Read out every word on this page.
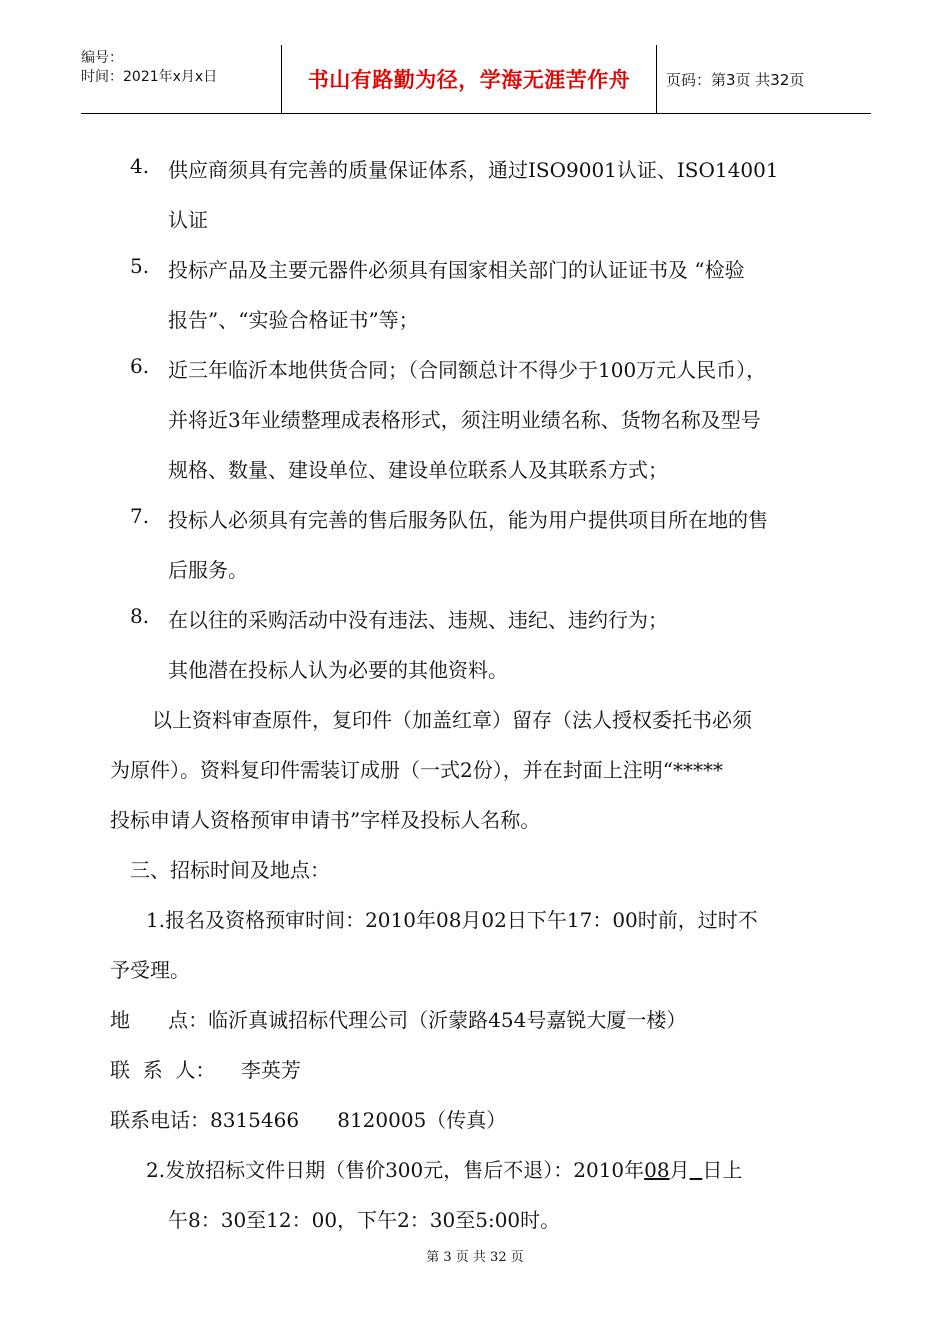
编号：
时间：2021年x月x日	书山有路勤为径，学海无涯苦作舟 页码：第3页 共32页
4. 供应商须具有完善的质量保证体系，通过ISO9001认证、ISO14001
认证
5. 投标产品及主要元器件必须具有国家相关部门的认证证书及 “检验
报告”、“实验合格证书”等；
6. 近三年临沂本地供货合同；（合同额总计不得少于100万元人民币），
并将近3年业绩整理成表格形式，须注明业绩名称、货物名称及型号
规格、数量、建设单位、建设单位联系人及其联系方式；
7. 投标人必须具有完善的售后服务队伍，能为用户提供项目所在地的售
后服务。
8. 在以往的采购活动中没有违法、违规、违纪、违约行为；
其他潜在投标人认为必要的其他资料。
以上资料审查原件，复印件（加盖红章）留存（法人授权委托书必须
为原件）。资料复印件需装订成册（一式2份），并在封面上注明“*****
投标申请人资格预审申请书”字样及投标人名称。
三、招标时间及地点：
1.报名及资格预审时间：2010年08月02日下午17：00时前，过时不
予受理。
地      点：临沂真诚招标代理公司（沂蒙路454号嘉锐大厦一楼）
联  系  人：    李英芳
联系电话：8315466      8120005（传真）
2.发放招标文件日期（售价300元，售后不退）：2010年08月 日上
午8：30至12：00，下午2：30至5:00时。
第 3 页 共 32 页
